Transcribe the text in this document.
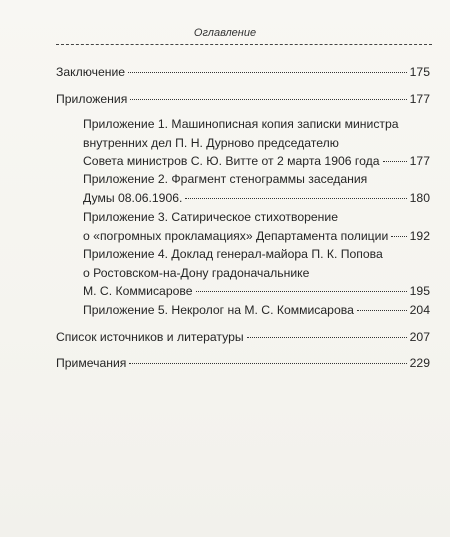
Оглавление
Заключение	175
Приложения	177
Приложение 1. Машинописная копия записки министра
внутренних дел П. Н. Дурново председателю
Совета министров С. Ю. Витте от 2 марта 1906 года 177
Приложение 2. Фрагмент стенограммы заседания
Думы 08.06.1906.	180
Приложение 3. Сатирическое стихотворение
о «погромных прокламациях» Департамента полиции 192
Приложение 4. Доклад генерал-майора П. К. Попова
о Ростовском-на-Дону градоначальнике
М. С. Коммисарове	195
Приложение 5. Некролог на М. С. Коммисарова	204
Список источников и литературы	207
Примечания	229
